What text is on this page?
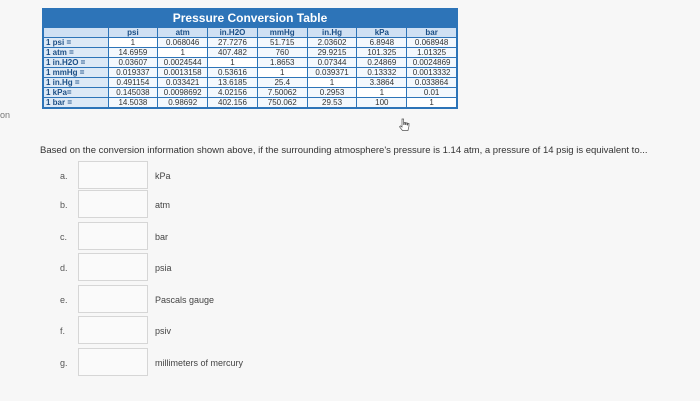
on
Pressure Conversion Table
	psi	atm	in.H2O	mmHg	in.Hg	kPa	bar
1 psi =	1	0.068046	27.7276	51.715	2.03602	6.8948	0.068948
1 atm =	14.6959	1	407.482	760	29.9215	101.325	1.01325
1 in.H2O =	0.03607	0.0024544	1	1.8653	0.07344	0.24869	0.0024869
1 mmHg =	0.019337	0.0013158	0.53616	1	0.039371	0.13332	0.0013332
1 in.Hg =	0.491154	0.033421	13.6185	25.4	1	3.3864	0.033864
1 kPa=	0.145038	0.0098692	4.02156	7.50062	0.2953	1	0.01
1 bar =	14.5038	0.98692	402.156	750.062	29.53	100	1
Based on the conversion information shown above, if the surrounding atmosphere's pressure is 1.14 atm, a pressure of 14 psig is equivalent to...
a.	kPa
b.	atm
c.	bar
d.	psia
e.	Pascals gauge
f.	psiv
g.	millimeters of mercury
